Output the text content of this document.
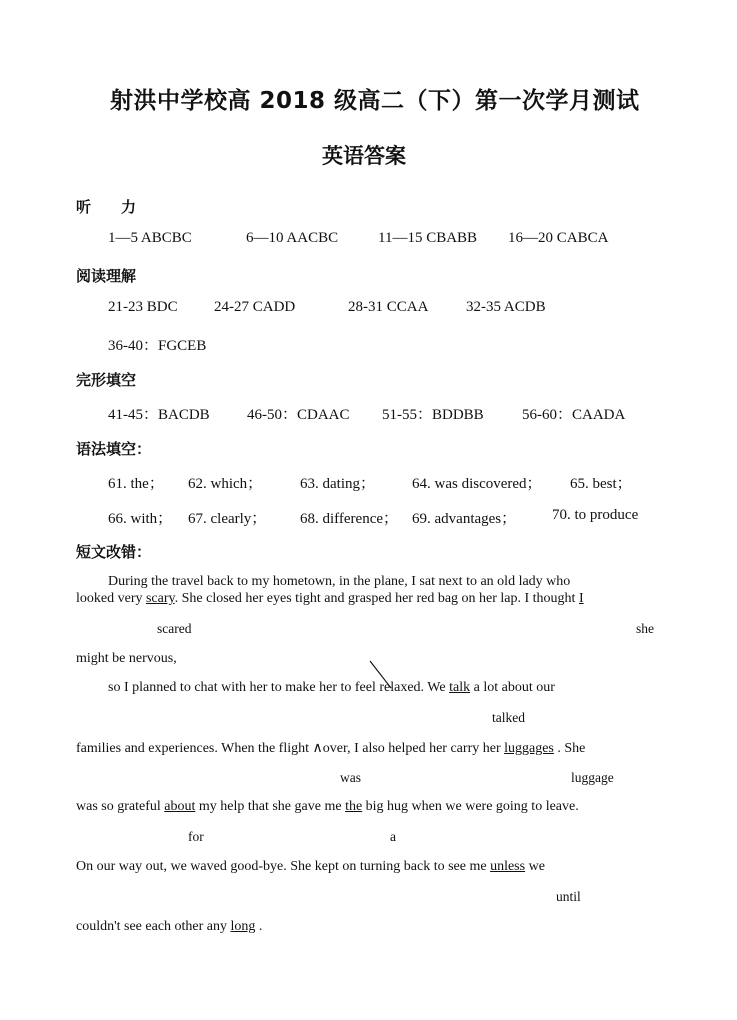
射洪中学校高 2018 级高二（下）第一次学月测试
英语答案
听　　力
1—5 ABCBC	6—10 AACBC	11—15 CBABB 16—20 CABCA
阅读理解
21-23 BDC 24-27 CADD	28-31 CCAA	32-35 ACDB
36-40：FGCEB
完形填空
41-45：BACDB 46-50：CDAAC 51-55：BDDBB	56-60：CAADA
语法填空：
61. the； 62. which；	63. dating； 64. was discovered； 65. best；
66. with； 67. clearly； 68. difference； 69. advantages； 70. to produce
短文改错：
During the travel back to my hometown, in the plane, I sat next to an old lady who
looked very scary. She closed her eyes tight and grasped her red bag on her lap. I thought I
scared	she
might be nervous,
so I planned to chat with her to make her to feel relaxed. We talk a lot about our
talked
families and experiences. When the flight ∧over, I also helped her carry her luggages . She
was	luggage
was so grateful about my help that she gave me the big hug when we were going to leave.
for	a
On our way out, we waved good-bye. She kept on turning back to see me unless we
until
couldn't see each other any long .
